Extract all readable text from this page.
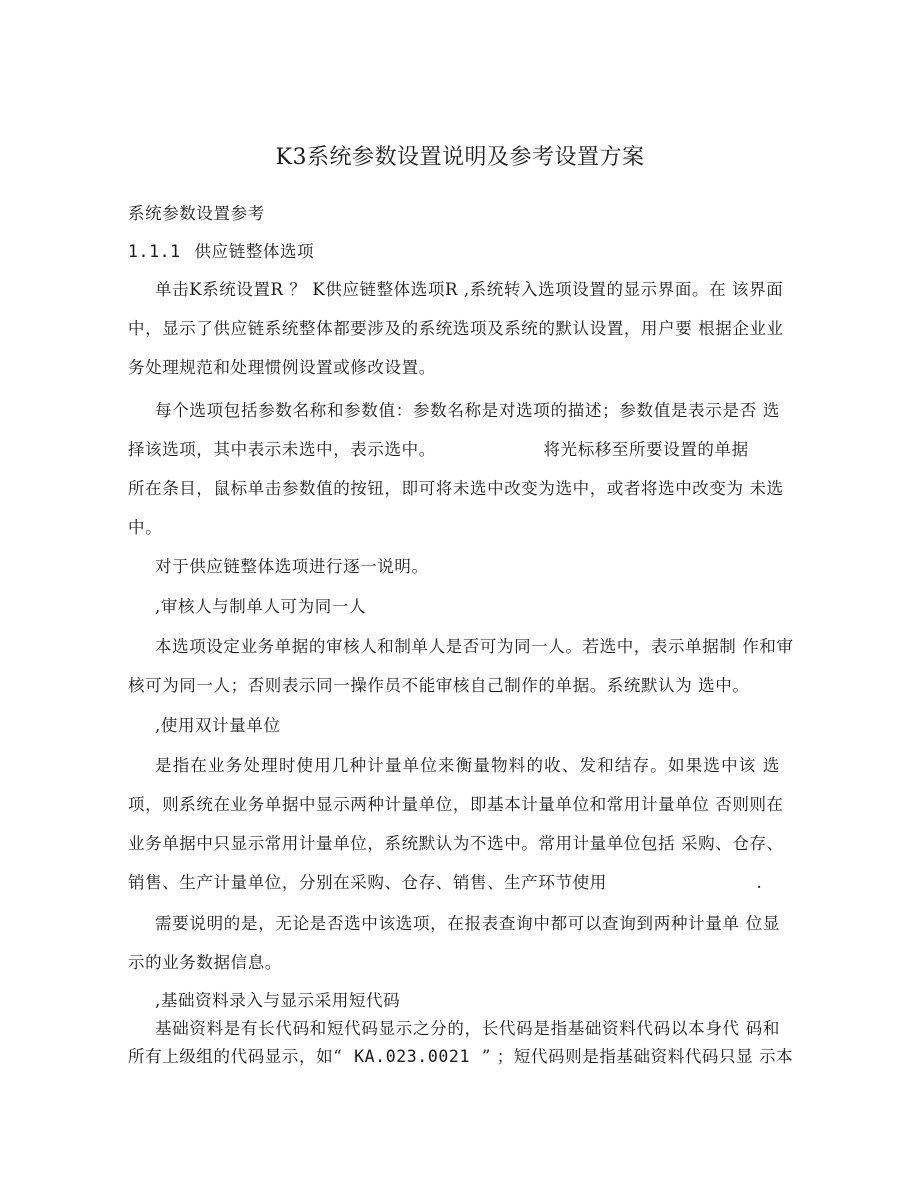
K3系统参数设置说明及参考设置方案
系统参数设置参考
1.1.1 供应链整体选项
单击K系统设置R ？ K供应链整体选项R ,系统转入选项设置的显示界面。在 该界面
中，显示了供应链系统整体都要涉及的系统选项及系统的默认设置，用户要 根据企业业
务处理规范和处理惯例设置或修改设置。
每个选项包括参数名称和参数值：参数名称是对选项的描述；参数值是表示是否 选
择该选项，其中表示未选中，表示选中。	将光标移至所要设置的单据
所在条目，鼠标单击参数值的按钮，即可将未选中改变为选中，或者将选中改变为 未选
中。
对于供应链整体选项进行逐一说明。
,审核人与制单人可为同一人
本选项设定业务单据的审核人和制单人是否可为同一人。若选中，表示单据制 作和审
核可为同一人；否则表示同一操作员不能审核自己制作的单据。系统默认为 选中。
,使用双计量单位
是指在业务处理时使用几种计量单位来衡量物料的收、发和结存。如果选中该 选
项，则系统在业务单据中显示两种计量单位，即基本计量单位和常用计量单位 否则则在
业务单据中只显示常用计量单位，系统默认为不选中。常用计量单位包括 采购、仓存、
销售、生产计量单位，分别在采购、仓存、销售、生产环节使用	.
需要说明的是，无论是否选中该选项，在报表查询中都可以查询到两种计量单 位显
示的业务数据信息。
,基础资料录入与显示采用短代码
基础资料是有长代码和短代码显示之分的，长代码是指基础资料代码以本身代 码和
所有上级组的代码显示，如“ KA.023.0021 ” ；短代码则是指基础资料代码只显 示本
